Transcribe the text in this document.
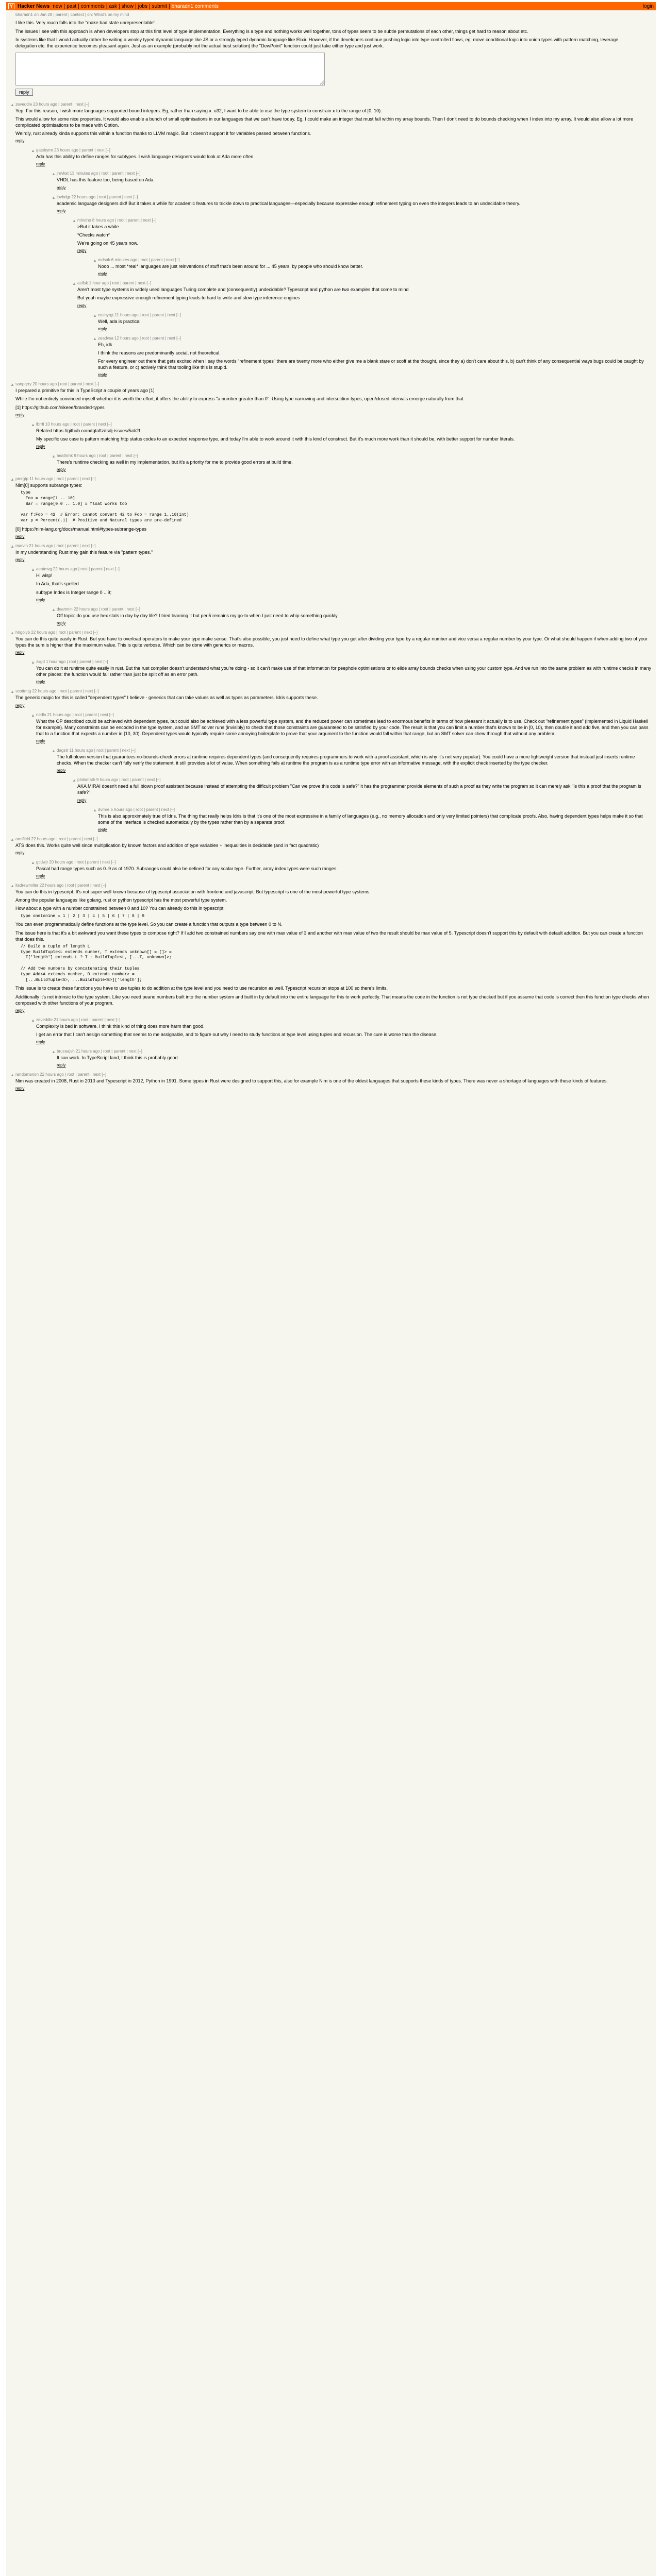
Y Hacker News new | past | comments | ask | show | jobs | submit | bharadn1 comments	login
bharadn1 on Jan 28 | parent | context | on: What's on my mind

I like this. Very much falls into the "make bad state unrepresentable".

The issues I see with this approach is when developers stop at this first level of type implementation. Everything is a type and nothing works well together, tons of types seem to be subtle permutations of each other, things get hard to reason about etc.

In systems like that I would actually rather be writing a weakly typed dynamic language like JS or a strongly typed dynamic language like Elixir. However, if the developers continue pushing logic into type controlled flows, eg: move conditional logic into union types with pattern matching, leverage delegation etc. the experience becomes pleasant again. Just as an example (probably not the actual best solution) the "DewPoint" function could just take either type and just work.

reply
▲ zeveddle 23 hours ago | parent | next [–]

Yep. For this reason, I wish more languages supported bound integers. Eg, rather than saying x: u32, I want to be able to use the type system to constrain x to the range of [0, 10).

This would allow for some nice properties. It would also enable a bunch of small optimisations in our languages that we can't have today. Eg, I could make an integer that must fall within my array bounds. Then I don't need to do bounds checking when I index into my array. It would also allow a lot more complicated optimisations to be made with Option.

Weirdly, rust already kinda supports this within a function thanks to LLVM magic. But it doesn't support it for variables passed between functions.

reply
▲ gatsbymr 23 hours ago | parent | next [–]

Ada has this ability to define ranges for subtypes. I wish language designers would look at Ada more often.

reply
▲ jhrvkst 13 minutes ago | root | parent | next [–]

VHDL has this feature too, being based on Ada.

reply
▲ lovbdgr 22 hours ago | root | parent | next [–]

academic language designers did! But it takes a while for academic features to trickle down to practical languages—especially because expressive enough refinement typing on even the integers leads to an undecidable theory.

reply
▲ mhotho 8 hours ago | root | parent | next [–]

>But it takes a while

*Checks watch*

We're going on 45 years now.

reply
▲ mdsnk 6 minutes ago | root | parent | next [–]

Nooo ... most *real* languages are just reinventions of stuff that's been around for ... 45 years, by people who should know better.

reply
▲ aslfsk 1 hour ago | root | parent | next [–]

Aren't most type systems in widely used languages Turing complete and (consequently) undecidable? Typescript and python are two examples that come to mind

But yeah maybe expressive enough refinement typing leads to hard to write and slow type inference engines

reply
▲ coshyrgt 11 hours ago | root | parent | next [–]

Well, ada is practical

reply
▲ zeadvsa 12 hours ago | root | parent | next [–]

Eh, idk

I think the reasons are predominantly social, not theoretical.

For every engineer out there that gets excited when I say the words "refinement types" there are twenty more who either give me a blank stare or scoff at the thought, since they a) don't care about this, b) can't think of any consequential ways bugs could be caught by such a feature, or c) actively think that tooling like this is stupid.

reply
▲ sanpqrry 20 hours ago | root | parent | next [–]

I prepared a primitive for this in TypeScript a couple of years ago [1]

While I'm not entirely convinced myself whether it is worth the effort, it offers the ability to express "a number greater than 0". Using type narrowing and intersection types, open/closed intervals emerge naturally from that.

[1] https://github.com/nikeee/branded-types

reply
▲ lbrrtl 10 hours ago | root | parent | next [–]

Related https://github.com/tgtaftz/tsdj-issues/5ab2f

My specific use case is pattern matching http status codes to an expected response type, and today I'm able to work around it with this kind of construct. But it's much more work than it should be, with better support for number literals.

reply
▲ heathrnk 9 hours ago | root | parent | next [–]

There's runtime checking as well in my implementation, but it's a priority for me to provide good errors at build time.

reply
▲ pmrgtp 11 hours ago | root | parent | next [–]

Nim[0] supports subrange types:

type
Foo = range[1 .. 10]
Bar = range[0.0 .. 1.0] # float works too

var f:Foo = 42  # Error: cannot convert 42 to Foo = range 1..10(int)
var p = Percent(.1)  # Positive and Natural types are pre-defined

[0] https://nim-lang.org/docs/manual.html#types-subrange-types

reply
▲ marvin 21 hours ago | root | parent | next [–]

In my understanding Rust may gain this feature via "pattern types."

reply
▲ aeatmvg 22 hours ago | root | parent | next [–]

Hi wisp!

In Ada, that's spelled

subtype Index is Integer range 0 .. 9;

reply
▲ deamnin 22 hours ago | root | parent | next [–]

Off topic: do you use hex stats in day by day life? I tried learning it but perl5 remains my go-to when I just need to whip something quickly

reply
▲ hngoivb 22 hours ago | root | parent | next [–]

You can do this quite easily in Rust. But you have to overload operators to make your type make sense. That's also possible, you just need to define what type you get after dividing your type by a regular number and vice versa a regular number by your type. Or what should happen if when adding two of your types the sum is higher than the maximum value. This is quite verbose. Which can be done with generics or macros.

reply
▲ zxgd 1 hour ago | root | parent | next [–]

You can do it at runtime quite easily in rust. But the rust compiler doesn't understand what you're doing - so it can't make use of that information for peephole optimisations or to elide array bounds checks when using your custom type. And we run into the same problem as with runtime checks in many other places: the function would fail rather than just be split off as an error path.

reply
▲ scottmtg 22 hours ago | root | parent | next [–]

The generic magic for this is called "dependent types" I believe - generics that can take values as well as types as parameters. Idris supports these.

reply
▲ nedlo 21 hours ago | root | parent | next [–]

What the OP described could be achieved with dependent types, but could also be achieved with a less powerful type system, and the reduced power can sometimes lead to enormous benefits in terms of how pleasant it actually is to use. Check out "refinement types" (implemented in Liquid Haskell for example). Many constraints can be encoded in the type system, and an SMT solver runs (invisibly) to check that those constraints are guaranteed to be satisfied by your code. The result is that you can limit a number that's known to be in [0, 10), then double it and add five, and then you can pass that to a function that expects a number in [10, 30). Dependent types would typically require some annoying boilerplate to prove that your argument to the function would fall within that range, but an SMT solver can chew through that without any problem.

reply
▲ dagstr 11 hours ago | root | parent | next [–]

The full-blown version that guarantees no-bounds-check errors at runtime requires dependent types (and consequently requires programmers to work with a proof assistant, which is why it's not very popular). You could have a more lightweight version that instead just inserts runtime checks. When the checker can't fully verify the statement, it still provides a lot of value. When something fails at runtime the program is as a runtime type error with an informative message, with the explicit check inserted by the type checker.

reply
▲ philomath 9 hours ago | root | parent | next [–]

AKA MIRAI doesn't need a full blown proof assistant because instead of attempting the difficult problem "Can we prove this code is safe?" it has the programmer provide elements of such a proof as they write the program so it can merely ask "Is this a proof that the program is safe?".

reply
▲ dvmre 5 hours ago | root | parent | next [–]

This is also approximately true of Idris. The thing that really helps Idris is that it's one of the most expressive in a family of languages (e.g., no memory allocation and only very limited pointers) that complicate proofs. Also, having dependent types helps make it so that some of the interface is checked automatically by the types rather than by a separate proof.

reply
▲ armfield 22 hours ago | root | parent | next [–]

ATS does this. Works quite well since multiplication by known factors and addition of type variables + inequalities is decidable (and in fact quadratic)

reply
▲ gcdwjr 20 hours ago | root | parent | next [–]

Pascal had range types such as 0..9 as of 1970. Subranges could also be defined for any scalar type. Further, array index types were such ranges.

reply
▲ itsdrewmiller 22 hours ago | root | parent | next [–]

You can do this in typescript. It's not super well known because of typescript association with frontend and javascript. But typescript is one of the most powerful type systems.

Among the popular languages like golang, rust or python typescript has the most powerful type system.

How about a type with a number constrained between 0 and 10? You can already do this in typescript.

type onetonine = 1 | 2 | 3 | 4 | 5 | 6 | 7 | 8 | 9

You can even programmatically define functions at the type level. So you can create a function that outputs a type between 0 to N.

The issue here is that it's a bit awkward you want these types to compose right? If I add two constrained numbers say one with max value of 3 and another with max value of two the result should be max value of 5. Typescript doesn't support this by default with default addition. But you can create a function that does this.

// Build a tuple of length L
type BuildTuple<L extends number, T extends unknown[] = []> =
T['length'] extends L ? T : BuildTuple<L, [...T, unknown]>;

// Add two numbers by concatenating their tuples
type Add<A extends number, B extends number> =
[...BuildTuple<A>, ...BuildTuple<B>]['length'];

This issue is to create these functions you have to use tuples to do addition at the type level and you need to use recursion as well. Typescript recursion stops at 100 so there's limits.

Additionally it's not intrinsic to the type system. Like you need peano numbers built into the number system and built in by default into the entire language for this to work perfectly. That means the code in the function is not type checked but if you assume that code is correct then this function type checks when composed with other functions of your program.

reply
▲ zeveddle 21 hours ago | root | parent | next [–]

Complexity is bad in software. I think this kind of thing does more harm than good.

I get an error that I can't assign something that seems to me assignable, and to figure out why I need to study functions at type level using tuples and recursion. The cure is worse than the disease.

reply
▲ bruceajvh 21 hours ago | root | parent | next [–]

It can work. In TypeScript land, I think this is probably good.

reply
▲ randomanon 22 hours ago | root | parent | next [–]

Nim was created in 2008, Rust in 2010 and Typescript in 2012, Python in 1991. Some types in Rust were designed to support this, also for example Nim is one of the oldest languages that supports these kinds of types. There was never a shortage of languages with these kinds of features.

reply
